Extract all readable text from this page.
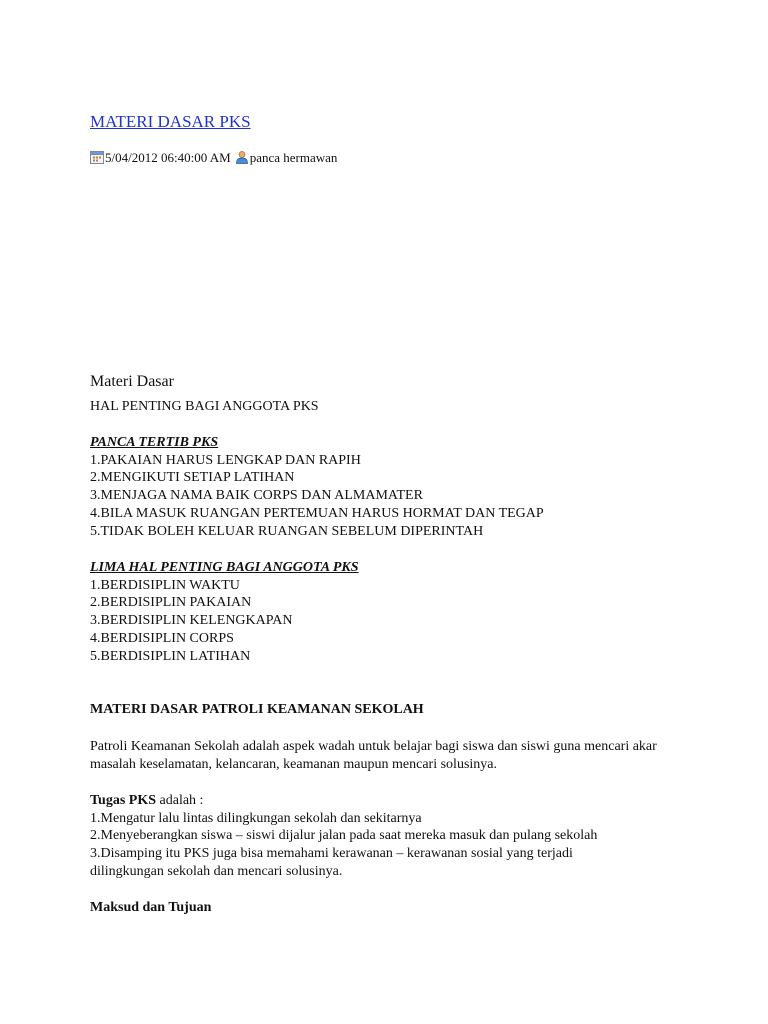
MATERI DASAR PKS
5/04/2012 06:40:00 AM panca hermawan
Materi Dasar
HAL PENTING BAGI ANGGOTA PKS
PANCA TERTIB PKS
1.PAKAIAN HARUS LENGKAP DAN RAPIH
2.MENGIKUTI SETIAP LATIHAN
3.MENJAGA NAMA BAIK CORPS DAN ALMAMATER
4.BILA MASUK RUANGAN PERTEMUAN HARUS HORMAT DAN TEGAP
5.TIDAK BOLEH KELUAR RUANGAN SEBELUM DIPERINTAH
LIMA HAL PENTING BAGI ANGGOTA PKS
1.BERDISIPLIN WAKTU
2.BERDISIPLIN PAKAIAN
3.BERDISIPLIN KELENGKAPAN
4.BERDISIPLIN CORPS
5.BERDISIPLIN LATIHAN
MATERI DASAR PATROLI KEAMANAN SEKOLAH
Patroli Keamanan Sekolah adalah aspek wadah untuk belajar bagi siswa dan siswi guna mencari akar masalah keselamatan, kelancaran, keamanan maupun mencari solusinya.
Tugas PKS adalah :
1.Mengatur lalu lintas dilingkungan sekolah dan sekitarnya
2.Menyeberangkan siswa – siswi dijalur jalan pada saat mereka masuk dan pulang sekolah
3.Disamping itu PKS juga bisa memahami kerawanan – kerawanan sosial yang terjadi dilingkungan sekolah dan mencari solusinya.
Maksud dan Tujuan
